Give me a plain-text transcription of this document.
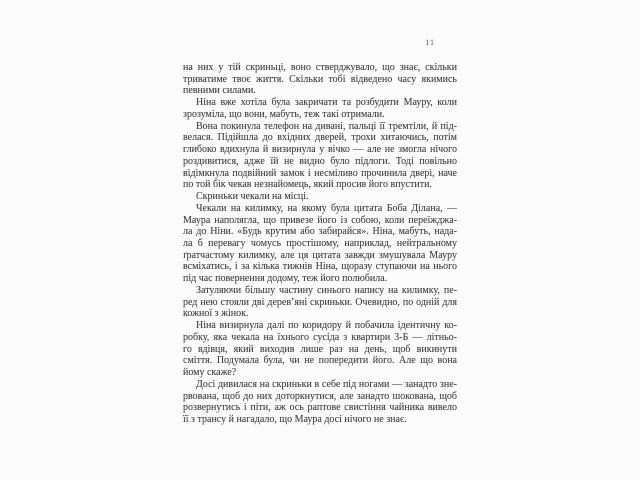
11
на них у тій скриньці, воно стверджувало, що знає, скільки
триватиме твоє життя. Скільки тобі відведено часу якимись
певними силами.
Ніна вже хотіла була закричати та розбудити Мауру, коли
зрозуміла, що вони, мабуть, теж такі отримали.
Вона покинула телефон на дивані, пальці її тремтіли, й під-
велася. Підійшла до вхідних дверей, трохи хитаючись, потім
глибоко вдихнула й визирнула у вічко — але не змогла нічого
роздивитися, адже їй не видно було підлоги. Тоді повільно
відімкнула подвійний замок і несміливо прочинила двері, наче
по той бік чекав незнайомець, який просив його впустити.
Скриньки чекали на місці.
Чекали на килимку, на якому була цитата Боба Ділана, —
Маура наполягла, що привезе його із собою, коли переїжджа-
ла до Ніни. «Будь крутим або забирайся». Ніна, мабуть, нада-
ла б перевагу чомусь простішому, наприклад, нейтральному
ґратчастому килимку, але ця цитата завжди змушувала Мауру
всміхатись, і за кілька тижнів Ніна, щоразу ступаючи на нього
під час повернення додому, теж його полюбила.
Затуляючи більшу частину синього напису на килимку, пе-
ред нею стояли дві дерев’яні скриньки. Очевидно, по одній для
кожної з жінок.
Ніна визирнула далі по коридору й побачила ідентичну ко-
робку, яка чекала на їхнього сусіда з квартири 3-Б — літньо-
го вдівця, який виходив лише раз на день, щоб викинути
сміття. Подумала була, чи не попередити його. Але що вона
йому скаже?
Досі дивилася на скриньки в себе під ногами — занадто зне-
рвована, щоб до них доторкнутися, але занадто шокована, щоб
розвернутись і піти, аж ось раптове свистіння чайника вивело
її з трансу й нагадало, що Маура досі нічого не знає.
